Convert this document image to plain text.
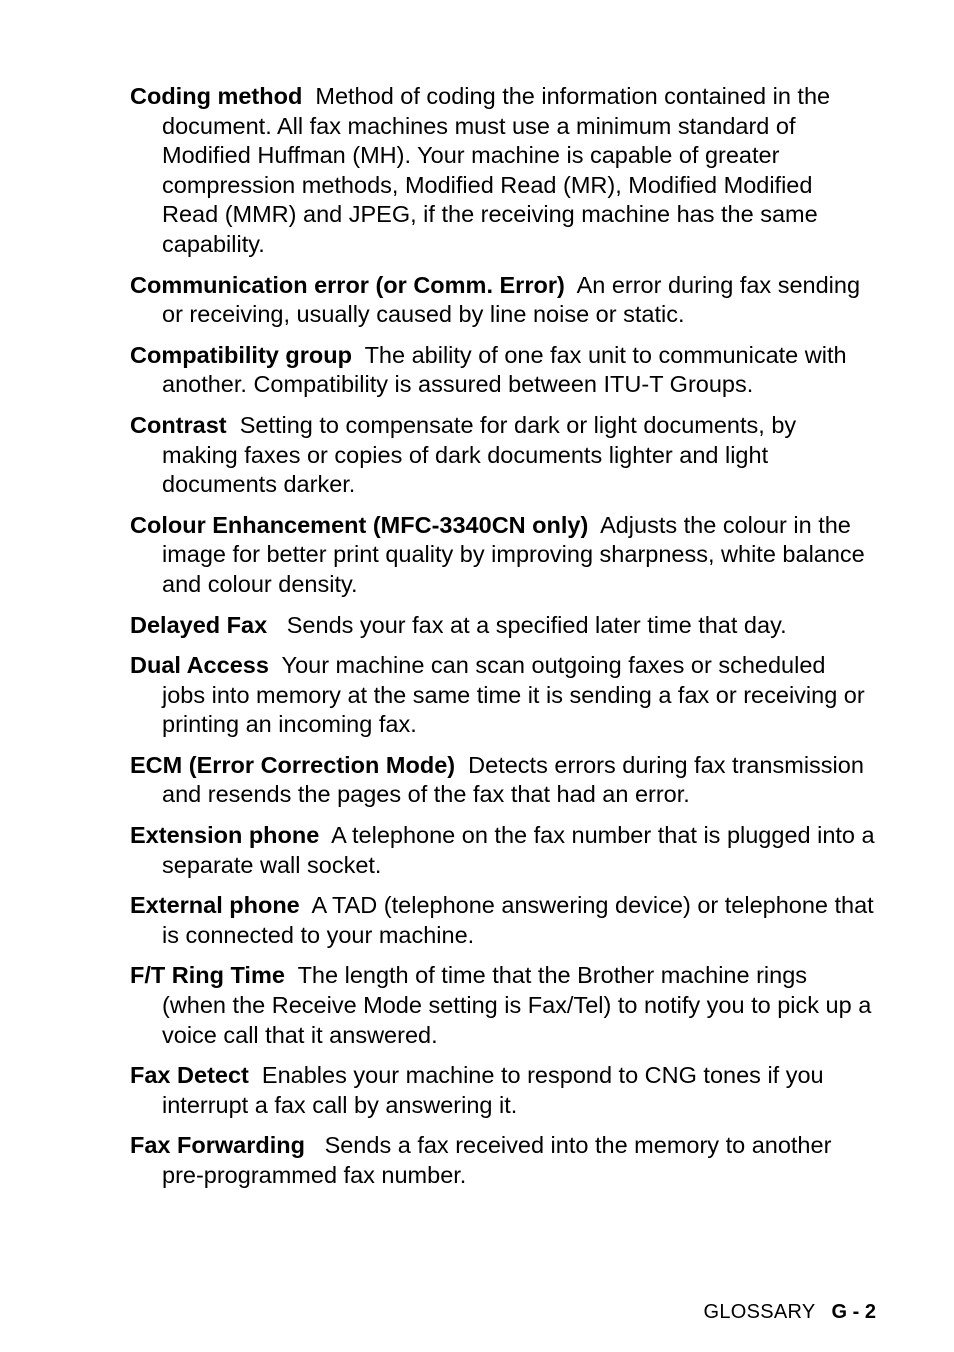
Coding method Method of coding the information contained in the document. All fax machines must use a minimum standard of Modified Huffman (MH). Your machine is capable of greater compression methods, Modified Read (MR), Modified Modified Read (MMR) and JPEG, if the receiving machine has the same capability.

Communication error (or Comm. Error) An error during fax sending or receiving, usually caused by line noise or static.

Compatibility group The ability of one fax unit to communicate with another. Compatibility is assured between ITU-T Groups.

Contrast Setting to compensate for dark or light documents, by making faxes or copies of dark documents lighter and light documents darker.

Colour Enhancement (MFC-3340CN only) Adjusts the colour in the image for better print quality by improving sharpness, white balance and colour density.

Delayed Fax Sends your fax at a specified later time that day.

Dual Access Your machine can scan outgoing faxes or scheduled jobs into memory at the same time it is sending a fax or receiving or printing an incoming fax.

ECM (Error Correction Mode) Detects errors during fax transmission and resends the pages of the fax that had an error.

Extension phone A telephone on the fax number that is plugged into a separate wall socket.

External phone A TAD (telephone answering device) or telephone that is connected to your machine.

F/T Ring Time The length of time that the Brother machine rings (when the Receive Mode setting is Fax/Tel) to notify you to pick up a voice call that it answered.

Fax Detect Enables your machine to respond to CNG tones if you interrupt a fax call by answering it.

Fax Forwarding Sends a fax received into the memory to another pre-programmed fax number.

GLOSSARY G - 2
